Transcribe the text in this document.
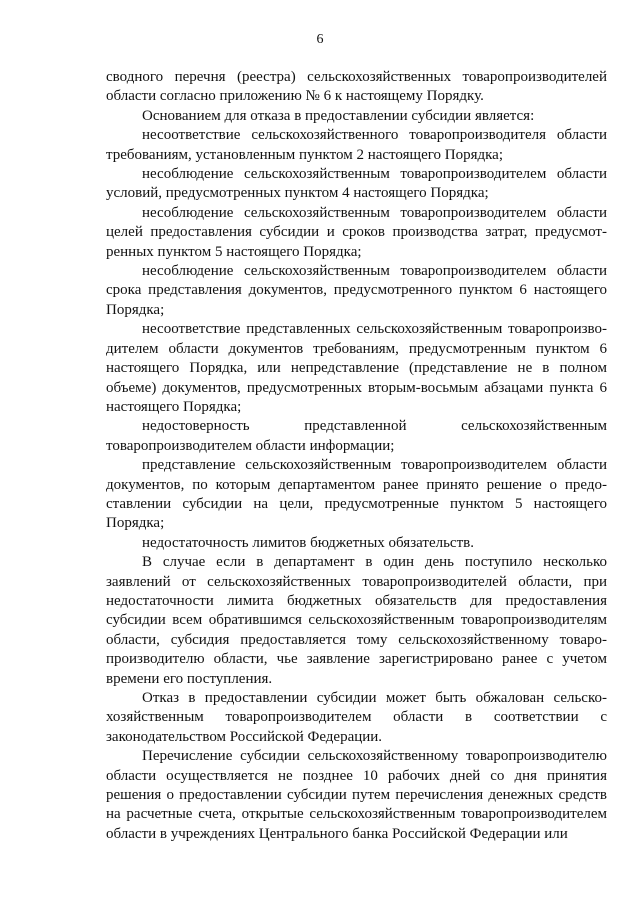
6

сводного перечня (реестра) сельскохозяйственных товаропроизводителей области согласно приложению № 6 к настоящему Порядку.

Основанием для отказа в предоставлении субсидии является:

несоответствие сельскохозяйственного товаропроизводителя области требованиям, установленным пунктом 2 настоящего Порядка;

несоблюдение сельскохозяйственным товаропроизводителем области условий, предусмотренных пунктом 4 настоящего Порядка;

несоблюдение сельскохозяйственным товаропроизводителем области целей предоставления субсидии и сроков производства затрат, предусмотренных пунктом 5 настоящего Порядка;

несоблюдение сельскохозяйственным товаропроизводителем области срока представления документов, предусмотренного пунктом 6 настоящего Порядка;

несоответствие представленных сельскохозяйственным товаропроизводителем области документов требованиям, предусмотренным пунктом 6 настоящего Порядка, или непредставление (представление не в полном объеме) документов, предусмотренных вторым-восьмым абзацами пункта 6 настоящего Порядка;

недостоверность представленной сельскохозяйственным товаропроизводителем области информации;

представление сельскохозяйственным товаропроизводителем области документов, по которым департаментом ранее принято решение о предоставлении субсидии на цели, предусмотренные пунктом 5 настоящего Порядка;

недостаточность лимитов бюджетных обязательств.

В случае если в департамент в один день поступило несколько заявлений от сельскохозяйственных товаропроизводителей области, при недостаточности лимита бюджетных обязательств для предоставления субсидии всем обратившимся сельскохозяйственным товаропроизводителям области, субсидия предоставляется тому сельскохозяйственному товаропроизводителю области, чье заявление зарегистрировано ранее с учетом времени его поступления.

Отказ в предоставлении субсидии может быть обжалован сельскохозяйственным товаропроизводителем области в соответствии с законодательством Российской Федерации.

Перечисление субсидии сельскохозяйственному товаропроизводителю области осуществляется не позднее 10 рабочих дней со дня принятия решения о предоставлении субсидии путем перечисления денежных средств на расчетные счета, открытые сельскохозяйственным товаропроизводителем области в учреждениях Центрального банка Российской Федерации или
